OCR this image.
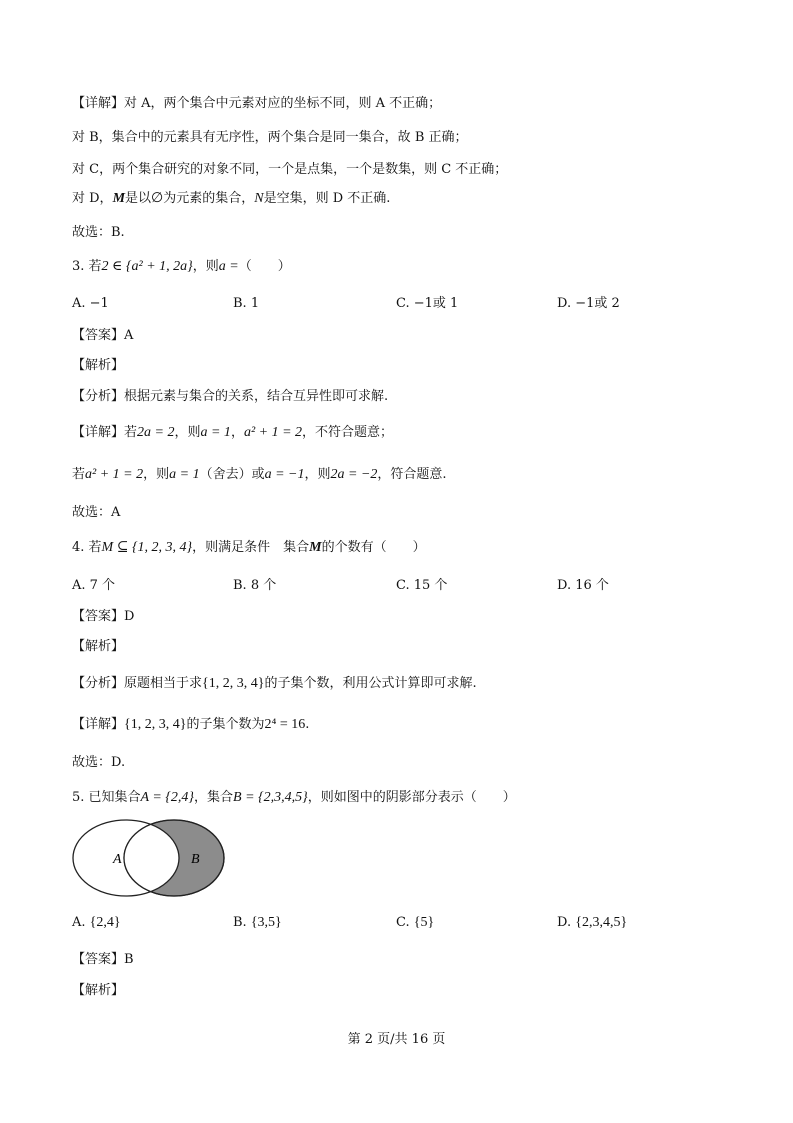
【详解】对 A，两个集合中元素对应的坐标不同，则 A 不正确；
对 B，集合中的元素具有无序性，两个集合是同一集合，故 B 正确；
对 C，两个集合研究的对象不同，一个是点集，一个是数集，则 C 不正确；
对 D，M是以∅为元素的集合，N是空集，则 D 不正确.
故选：B.
3. 若2 ∈ {a² + 1, 2a}，则a =（　　）
A. −1	B. 1	C. −1或 1	D. −1或 2
【答案】A
【解析】
【分析】根据元素与集合的关系，结合互异性即可求解.
【详解】若2a = 2，则a = 1，a² + 1 = 2，不符合题意；
若a² + 1 = 2，则a = 1（舍去）或a = −1，则2a = −2，符合题意.
故选：A
4. 若M ⊆ {1, 2, 3, 4}，则满足条件　集合M的个数有（　　）
A. 7 个	B. 8 个	C. 15 个	D. 16 个
【答案】D
【解析】
【分析】原题相当于求{1, 2, 3, 4}的子集个数，利用公式计算即可求解.
【详解】{1, 2, 3, 4}的子集个数为2⁴ = 16.
故选：D.
5. 已知集合A = {2,4}，集合B = {2,3,4,5}，则如图中的阴影部分表示（　　）
A	B
A. {2,4}	B. {3,5}	C. {5}	D. {2,3,4,5}
【答案】B
【解析】
第 2 页/共 16 页
